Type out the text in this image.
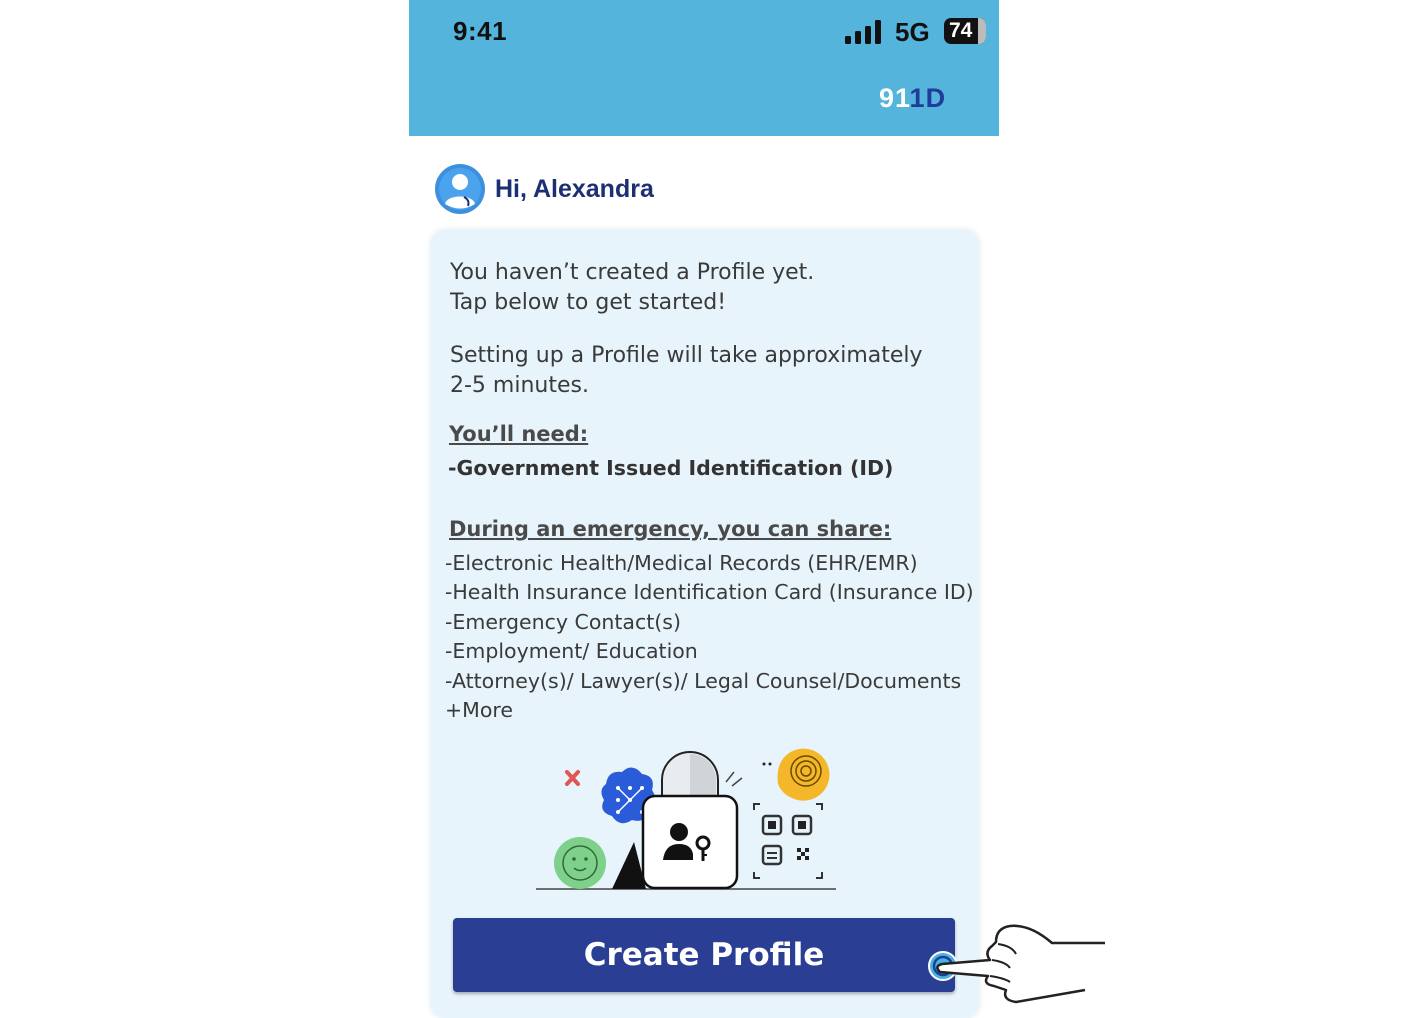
9:41	5G 74
911D
Hi, Alexandra
You haven’t created a Profile yet.
Tap below to get started!
Setting up a Profile will take approximately
2-5 minutes.
You’ll need:
-Government Issued Identification (ID)
During an emergency, you can share:
-Electronic Health/Medical Records (EHR/EMR)
-Health Insurance Identification Card (Insurance ID)
-Emergency Contact(s)
-Employment/ Education
-Attorney(s)/ Lawyer(s)/ Legal Counsel/Documents
+More
Create Profile
